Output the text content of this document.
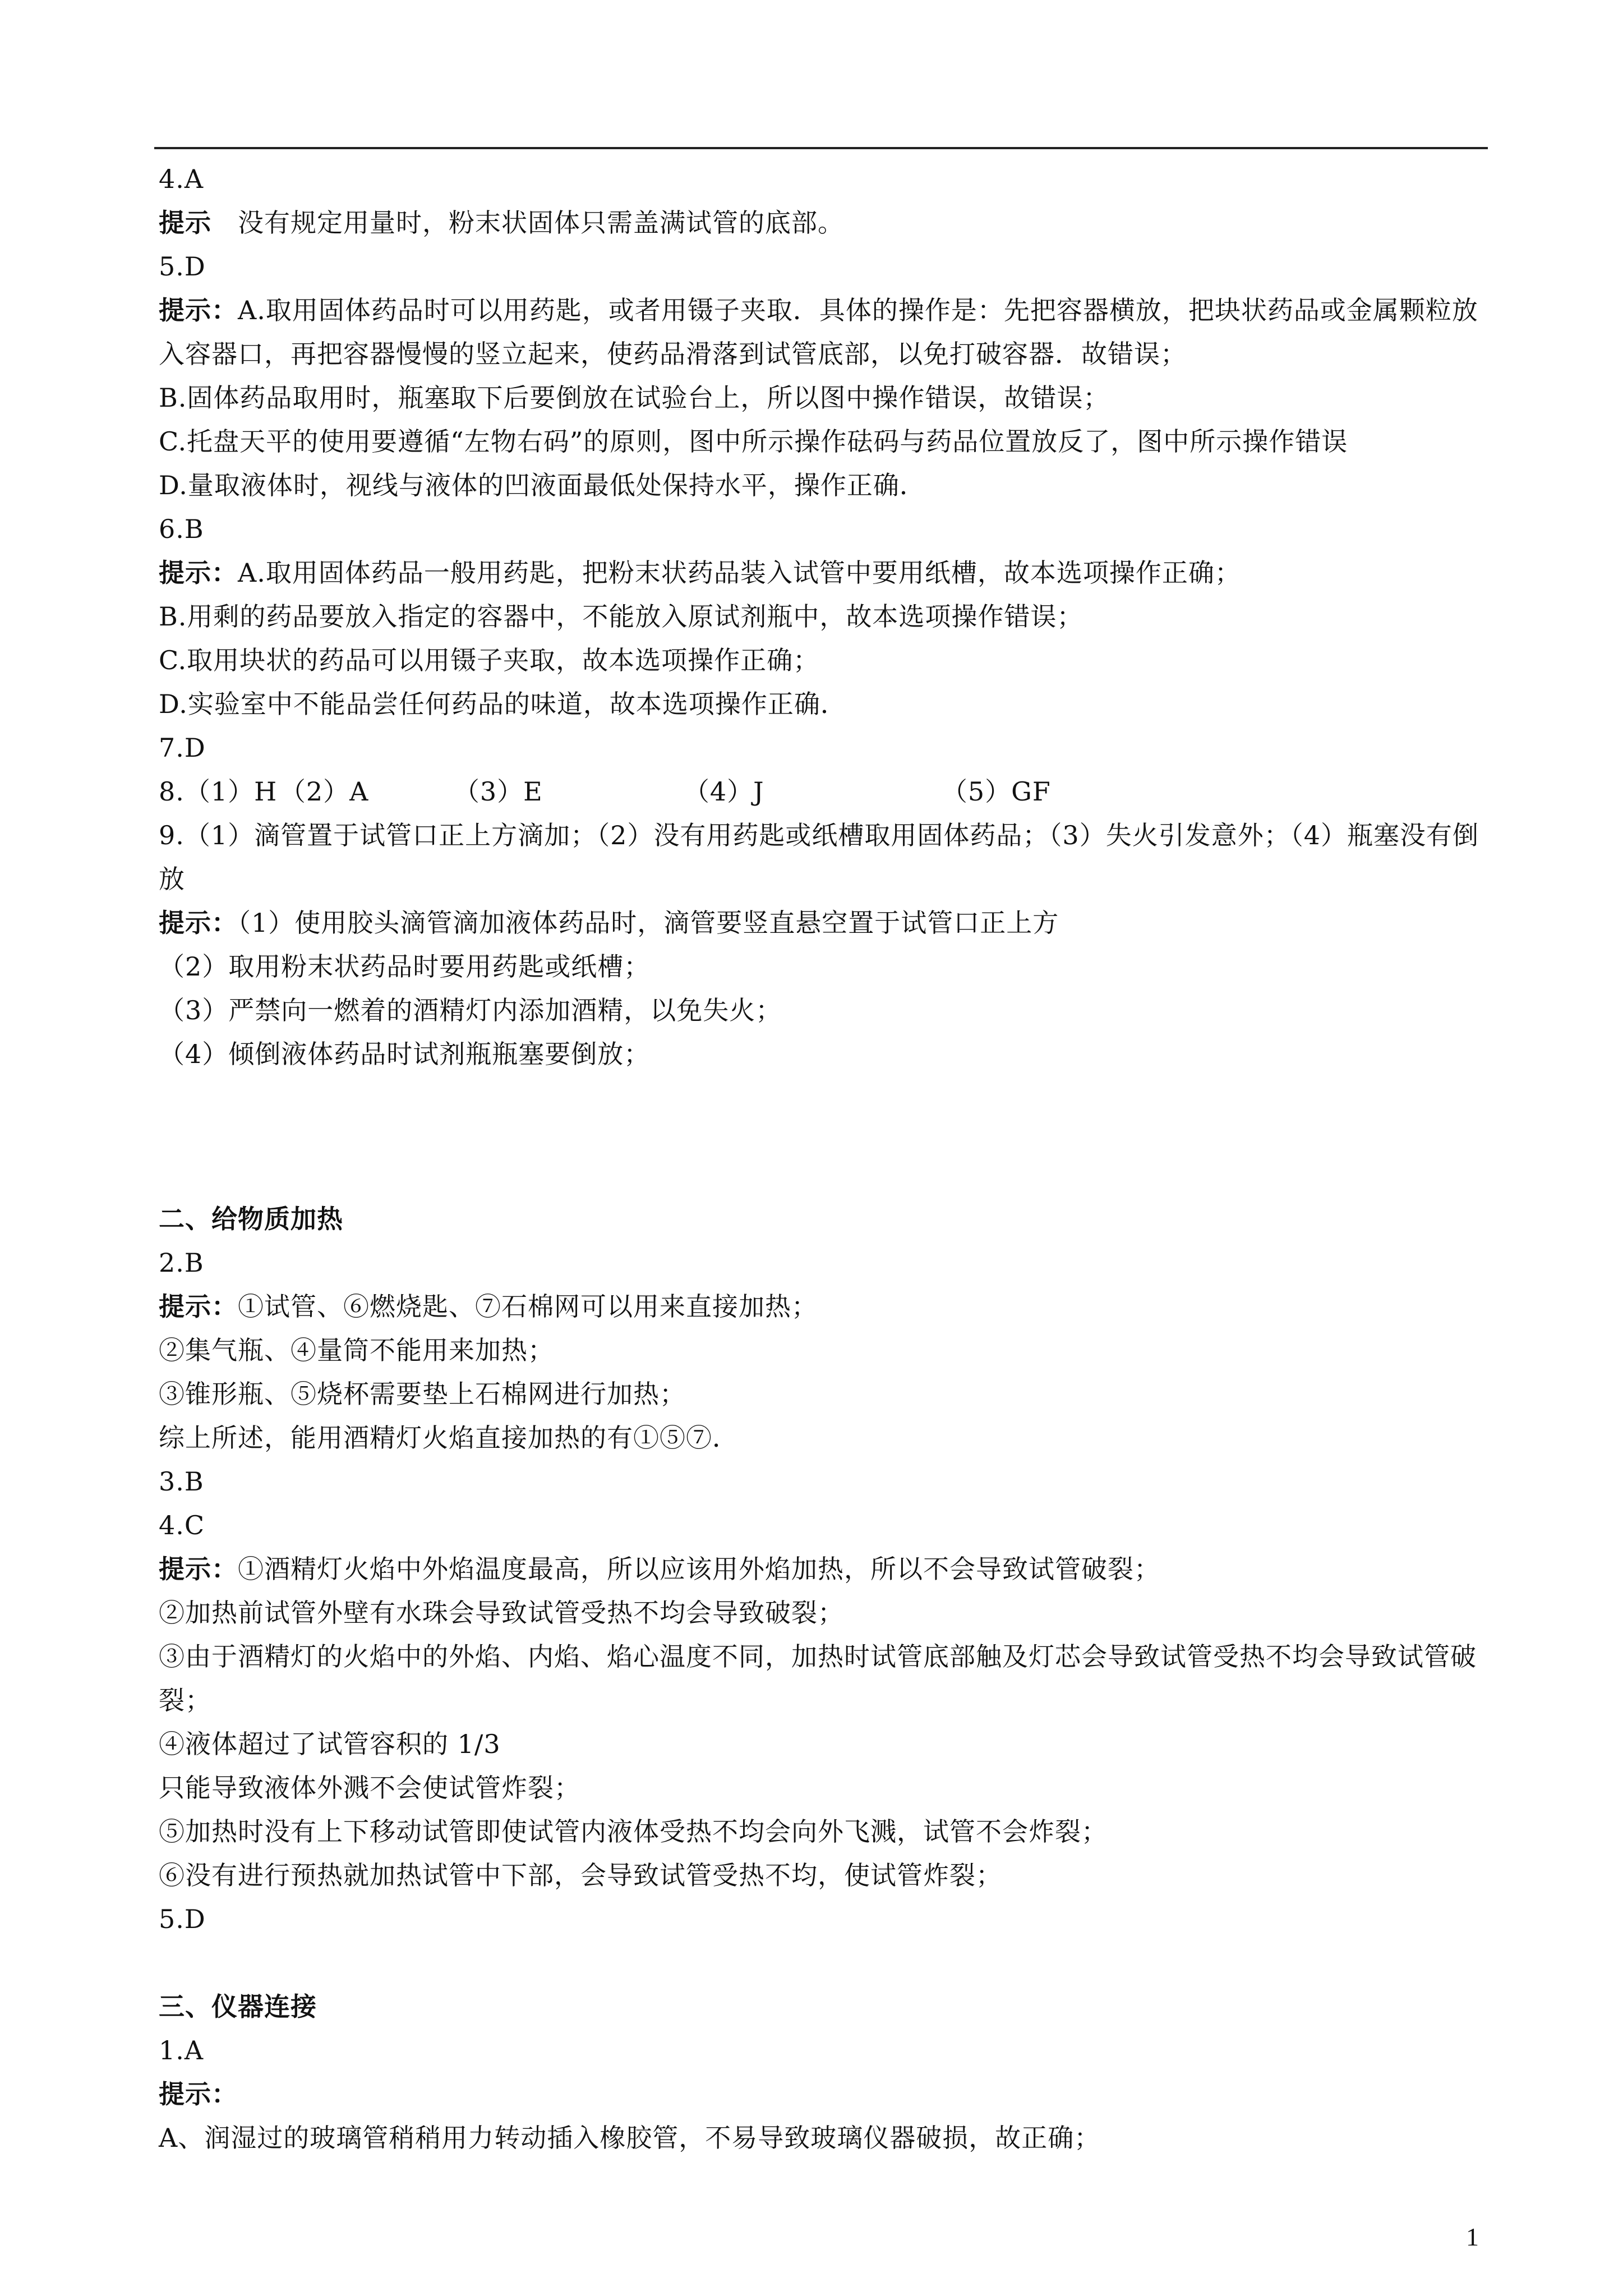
4.A
提示　没有规定用量时，粉末状固体只需盖满试管的底部。
5.D
提示：A.取用固体药品时可以用药匙，或者用镊子夹取．具体的操作是：先把容器横放，把块状药品或金属颗粒放入容器口，再把容器慢慢的竖立起来，使药品滑落到试管底部，以免打破容器．故错误；
B.固体药品取用时，瓶塞取下后要倒放在试验台上，所以图中操作错误，故错误；
C.托盘天平的使用要遵循“左物右码”的原则，图中所示操作砝码与药品位置放反了，图中所示操作错误
D.量取液体时，视线与液体的凹液面最低处保持水平，操作正确．
6.B
提示：A.取用固体药品一般用药匙，把粉末状药品装入试管中要用纸槽，故本选项操作正确；
B.用剩的药品要放入指定的容器中，不能放入原试剂瓶中，故本选项操作错误；
C.取用块状的药品可以用镊子夹取，故本选项操作正确；
D.实验室中不能品尝任何药品的味道，故本选项操作正确．
7.D
8.（1）H （2）A	（3）E	（4）J	（5）GF
9.（1）滴管置于试管口正上方滴加；（2）没有用药匙或纸槽取用固体药品；（3）失火引发意外；（4）瓶塞没有倒放
提示：（1）使用胶头滴管滴加液体药品时，滴管要竖直悬空置于试管口正上方
（2）取用粉末状药品时要用药匙或纸槽；
（3）严禁向一燃着的酒精灯内添加酒精，以免失火；
（4）倾倒液体药品时试剂瓶瓶塞要倒放；
二、给物质加热
2.B
提示：①试管、⑥燃烧匙、⑦石棉网可以用来直接加热；
②集气瓶、④量筒不能用来加热；
③锥形瓶、⑤烧杯需要垫上石棉网进行加热；
综上所述，能用酒精灯火焰直接加热的有①⑤⑦．
3.B
4.C
提示：①酒精灯火焰中外焰温度最高，所以应该用外焰加热，所以不会导致试管破裂；
②加热前试管外壁有水珠会导致试管受热不均会导致破裂；
③由于酒精灯的火焰中的外焰、内焰、焰心温度不同，加热时试管底部触及灯芯会导致试管受热不均会导致试管破裂；
④液体超过了试管容积的 1/3
只能导致液体外溅不会使试管炸裂；
⑤加热时没有上下移动试管即使试管内液体受热不均会向外飞溅，试管不会炸裂；
⑥没有进行预热就加热试管中下部，会导致试管受热不均，使试管炸裂；
5.D
三、仪器连接
1.A
提示：
A、润湿过的玻璃管稍稍用力转动插入橡胶管，不易导致玻璃仪器破损，故正确；
1
